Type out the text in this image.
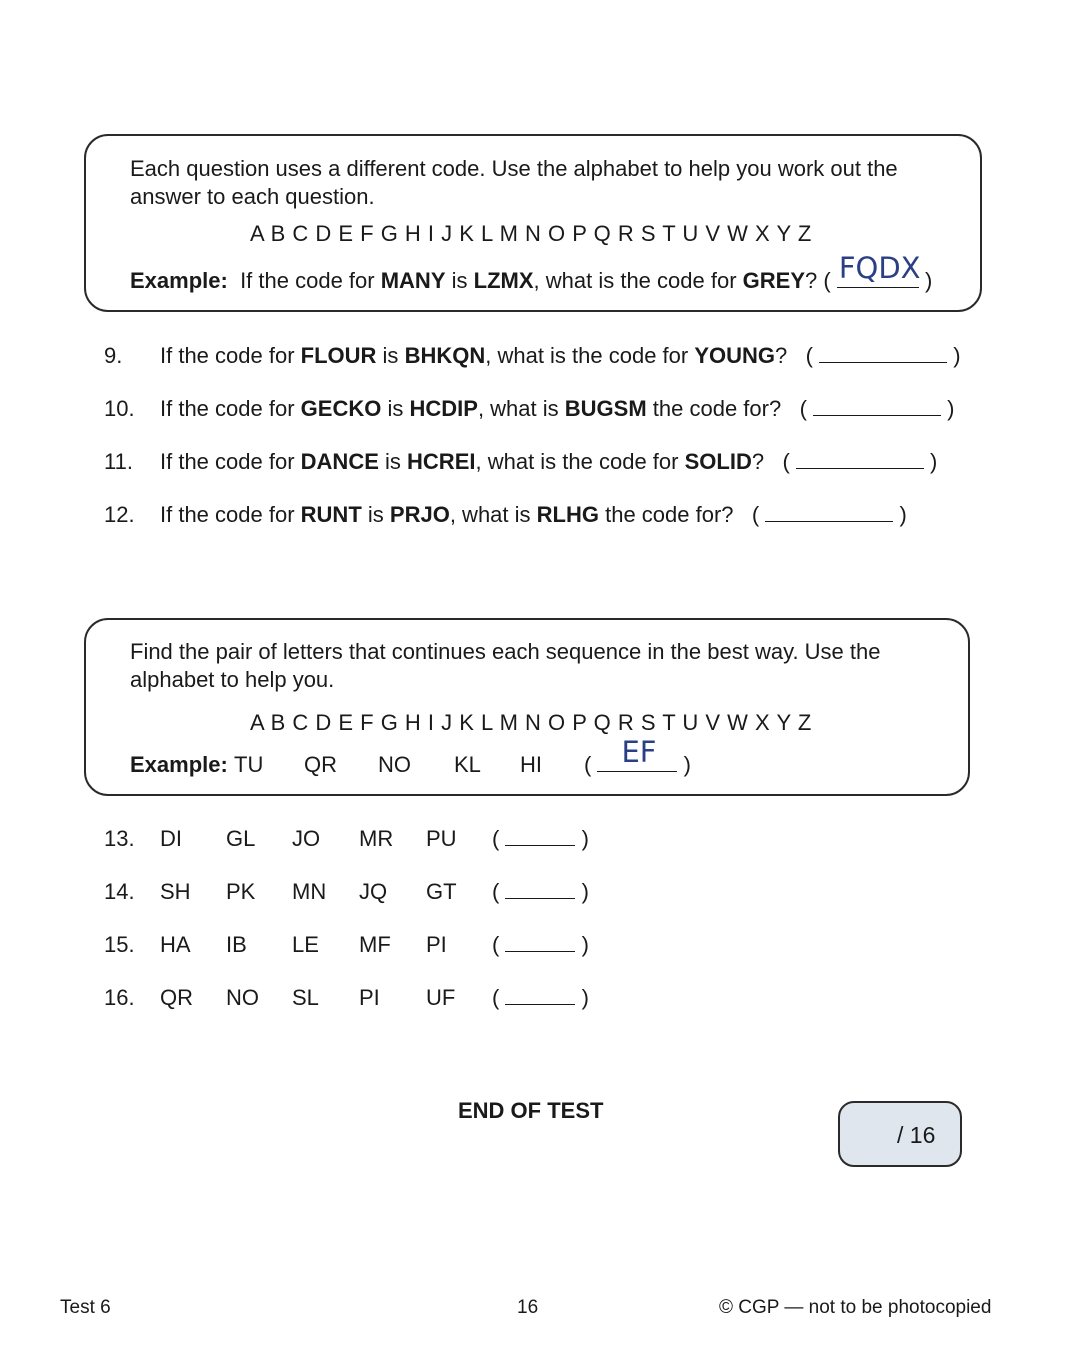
Each question uses a different code. Use the alphabet to help you work out the
answer to each question.
A B C D E F G H I J K L M N O P Q R S T U V W X Y Z
Example: If the code for MANY is LZMX, what is the code for GREY? ( FQDX )
9. If the code for FLOUR is BHKQN, what is the code for YOUNG? (	)
10. If the code for GECKO is HCDIP, what is BUGSM the code for? (	)
11. If the code for DANCE is HCREI, what is the code for SOLID? (	)
12. If the code for RUNT is PRJO, what is RLHG the code for? (	)
Find the pair of letters that continues each sequence in the best way. Use the
alphabet to help you.
A B C D E F G H I J K L M N O P Q R S T U V W X Y Z
Example: TU QR NO KL HI ( EF )
13. DI GL JO MR PU (	)
14. SH PK MN JQ GT (	)
15. HA IB LE MF PI (	)
16. QR NO SL PI UF (	)
END OF TEST
/ 16
Test 6	16	© CGP — not to be photocopied
